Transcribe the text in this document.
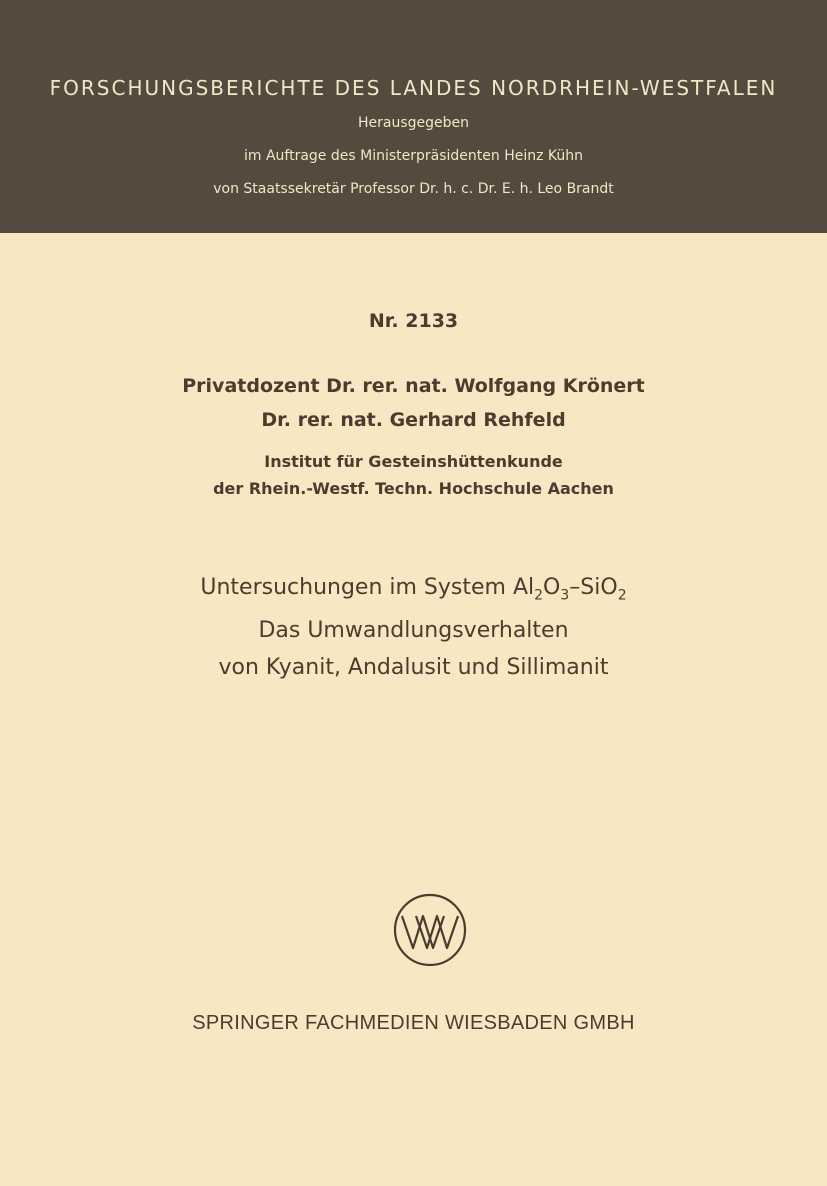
FORSCHUNGSBERICHTE DES LANDES NORDRHEIN-WESTFALEN
Herausgegeben
im Auftrage des Ministerpräsidenten Heinz Kühn
von Staatssekretär Professor Dr. h. c. Dr. E. h. Leo Brandt
Nr. 2133
Privatdozent Dr. rer. nat. Wolfgang Krönert
Dr. rer. nat. Gerhard Rehfeld
Institut für Gesteinshüttenkunde
der Rhein.-Westf. Techn. Hochschule Aachen
Untersuchungen im System $Al_2O_3-SiO_2$
Das Umwandlungsverhalten
von Kyanit, Andalusit und Sillimanit
SPRINGER FACHMEDIEN WIESBADEN GMBH
